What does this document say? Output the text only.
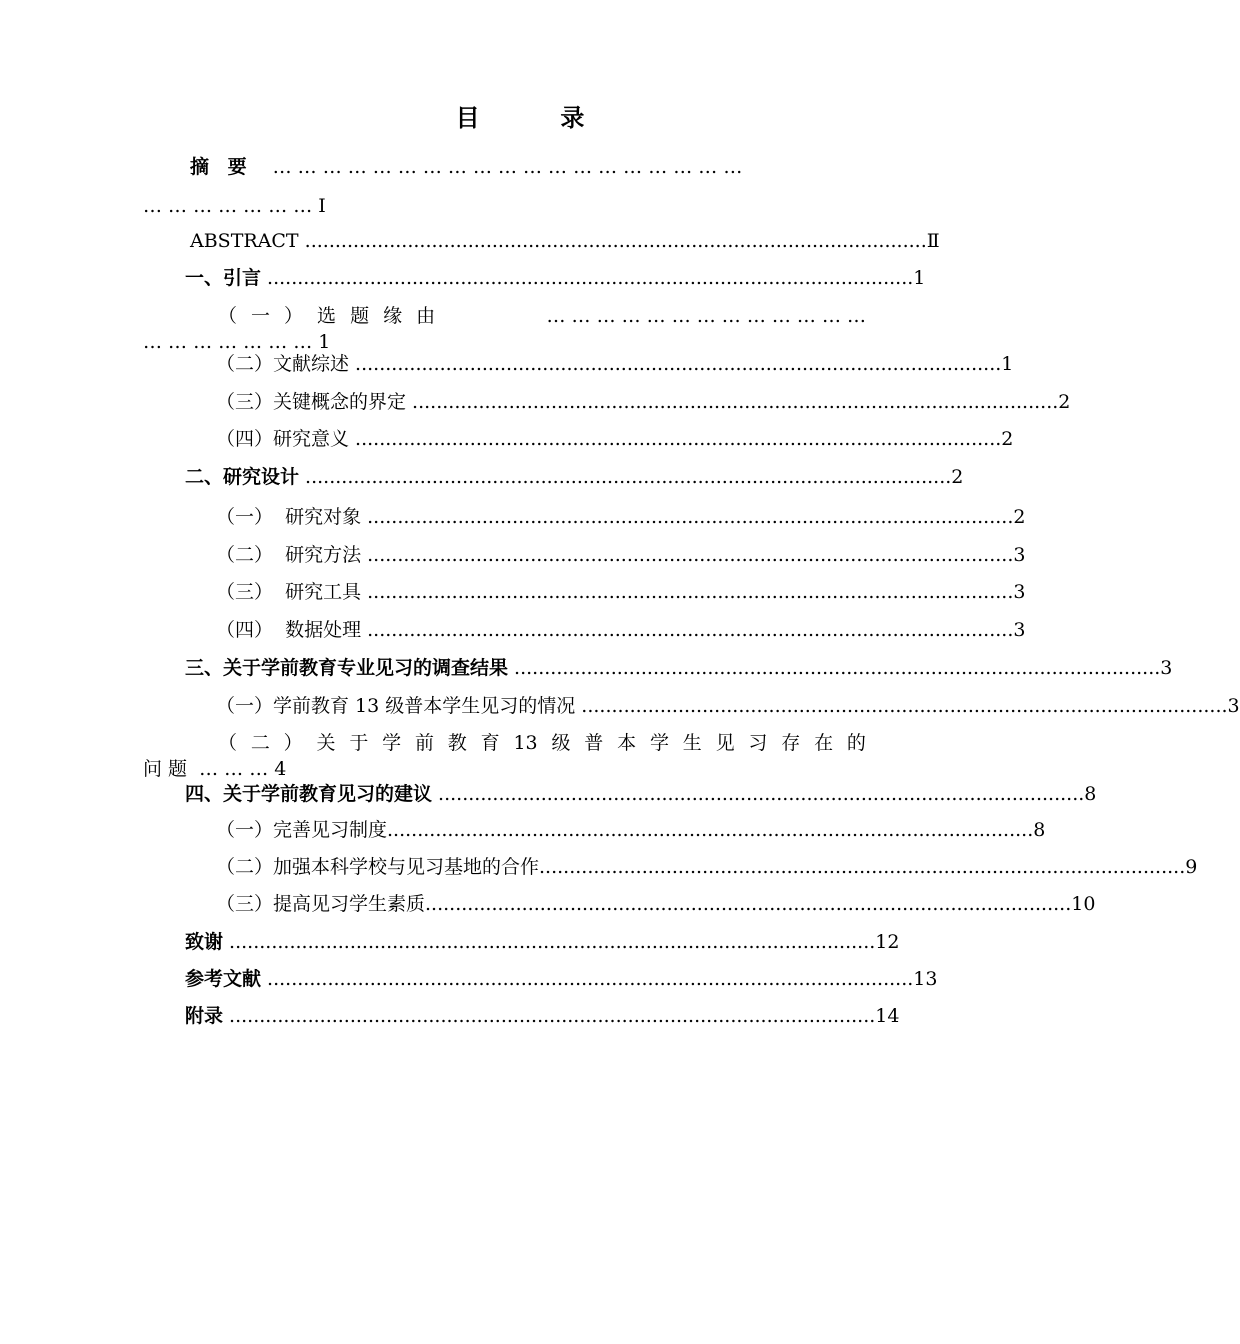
目	录
摘 要 … … … … … … … … … … … … … … … … … … …
… … … … … … … Ⅰ
ABSTRACT ....................................................................................................... Ⅱ
一、引言 ........................................................................................................... 1
（ 一 ） 选 题 缘 由	… … … … … … … … … … … … …
… … … … … … … 1
（二）文献综述 ........................................................................................................... 1
（三）关键概念的界定 ........................................................................................................... 2
（四）研究意义 ........................................................................................................... 2
二、研究设计 ........................................................................................................... 2
（一）  研究对象 ........................................................................................................... 2
（二）  研究方法 ........................................................................................................... 3
（三）  研究工具 ........................................................................................................... 3
（四）  数据处理 ........................................................................................................... 3
三、关于学前教育专业见习的调查结果 ........................................................................................................... 3
（一）学前教育 13 级普本学生见习的情况 ........................................................................................................... 3
（ 二 ） 关 于 学 前 教 育 13 级 普 本 学 生 见 习 存 在 的
问 题  … … … 4
四、关于学前教育见习的建议 ........................................................................................................... 8
（一）完善见习制度 ........................................................................................................... 8
（二）加强本科学校与见习基地的合作 ........................................................................................................... 9
（三）提高见习学生素质 ........................................................................................................... 10
致谢 ........................................................................................................... 12
参考文献 ........................................................................................................... 13
附录 ........................................................................................................... 14
